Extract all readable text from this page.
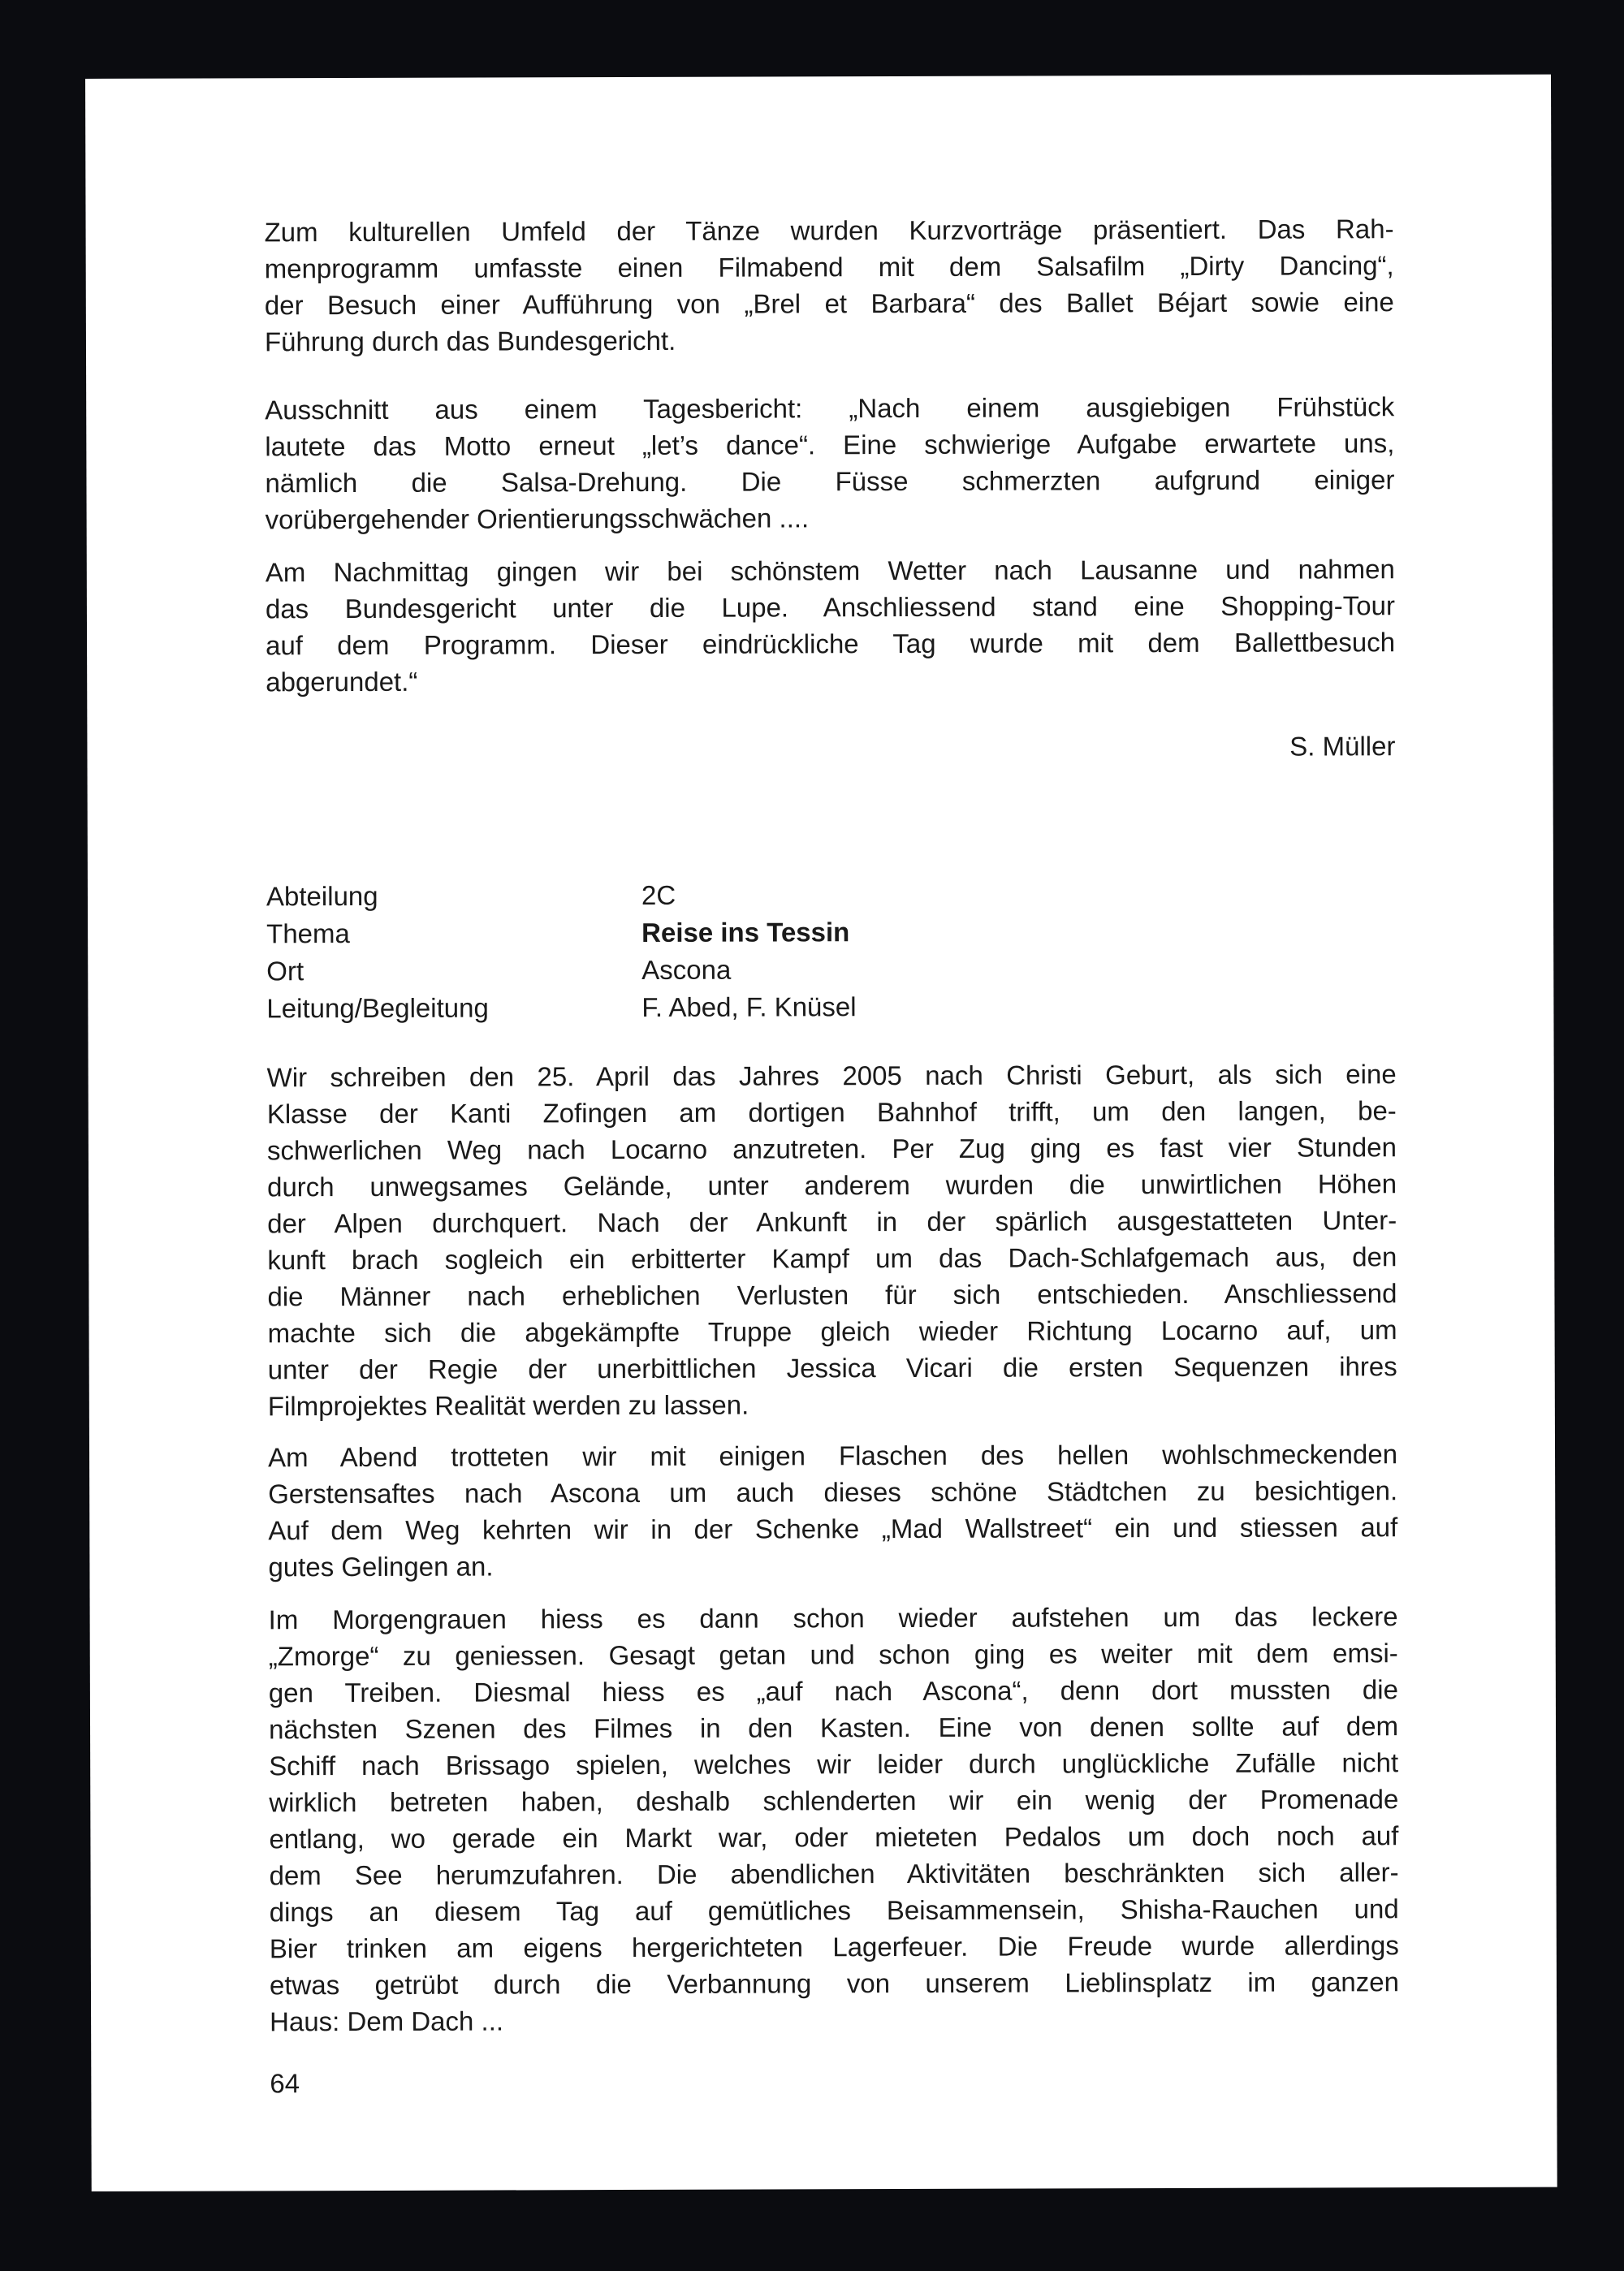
Zum kulturellen Umfeld der Tänze wurden Kurzvorträge präsentiert. Das Rah-
menprogramm umfasste einen Filmabend mit dem Salsafilm „Dirty Dancing“,
der Besuch einer Aufführung von „Brel et Barbara“ des Ballet Béjart sowie eine
Führung durch das Bundesgericht.
Ausschnitt aus einem Tagesbericht: „Nach einem ausgiebigen Frühstück
lautete das Motto erneut „let’s dance“. Eine schwierige Aufgabe erwartete uns,
nämlich die Salsa-Drehung. Die Füsse schmerzten aufgrund einiger
vorübergehender Orientierungsschwächen ....
Am Nachmittag gingen wir bei schönstem Wetter nach Lausanne und nahmen
das Bundesgericht unter die Lupe. Anschliessend stand eine Shopping-Tour
auf dem Programm. Dieser eindrückliche Tag wurde mit dem Ballettbesuch
abgerundet.“
S. Müller
Abteilung	2C
Thema	Reise ins Tessin
Ort	Ascona
Leitung/Begleitung	F. Abed, F. Knüsel
Wir schreiben den 25. April das Jahres 2005 nach Christi Geburt, als sich eine
Klasse der Kanti Zofingen am dortigen Bahnhof trifft, um den langen, be-
schwerlichen Weg nach Locarno anzutreten. Per Zug ging es fast vier Stunden
durch unwegsames Gelände, unter anderem wurden die unwirtlichen Höhen
der Alpen durchquert. Nach der Ankunft in der spärlich ausgestatteten Unter-
kunft brach sogleich ein erbitterter Kampf um das Dach-Schlafgemach aus, den
die Männer nach erheblichen Verlusten für sich entschieden. Anschliessend
machte sich die abgekämpfte Truppe gleich wieder Richtung Locarno auf, um
unter der Regie der unerbittlichen Jessica Vicari die ersten Sequenzen ihres
Filmprojektes Realität werden zu lassen.
Am Abend trotteten wir mit einigen Flaschen des hellen wohlschmeckenden
Gerstensaftes nach Ascona um auch dieses schöne Städtchen zu besichtigen.
Auf dem Weg kehrten wir in der Schenke „Mad Wallstreet“ ein und stiessen auf
gutes Gelingen an.
Im Morgengrauen hiess es dann schon wieder aufstehen um das leckere
„Zmorge“ zu geniessen. Gesagt getan und schon ging es weiter mit dem emsi-
gen Treiben. Diesmal hiess es „auf nach Ascona“, denn dort mussten die
nächsten Szenen des Filmes in den Kasten. Eine von denen sollte auf dem
Schiff nach Brissago spielen, welches wir leider durch unglückliche Zufälle nicht
wirklich betreten haben, deshalb schlenderten wir ein wenig der Promenade
entlang, wo gerade ein Markt war, oder mieteten Pedalos um doch noch auf
dem See herumzufahren. Die abendlichen Aktivitäten beschränkten sich aller-
dings an diesem Tag auf gemütliches Beisammensein, Shisha-Rauchen und
Bier trinken am eigens hergerichteten Lagerfeuer. Die Freude wurde allerdings
etwas getrübt durch die Verbannung von unserem Lieblinsplatz im ganzen
Haus: Dem Dach ...
64
